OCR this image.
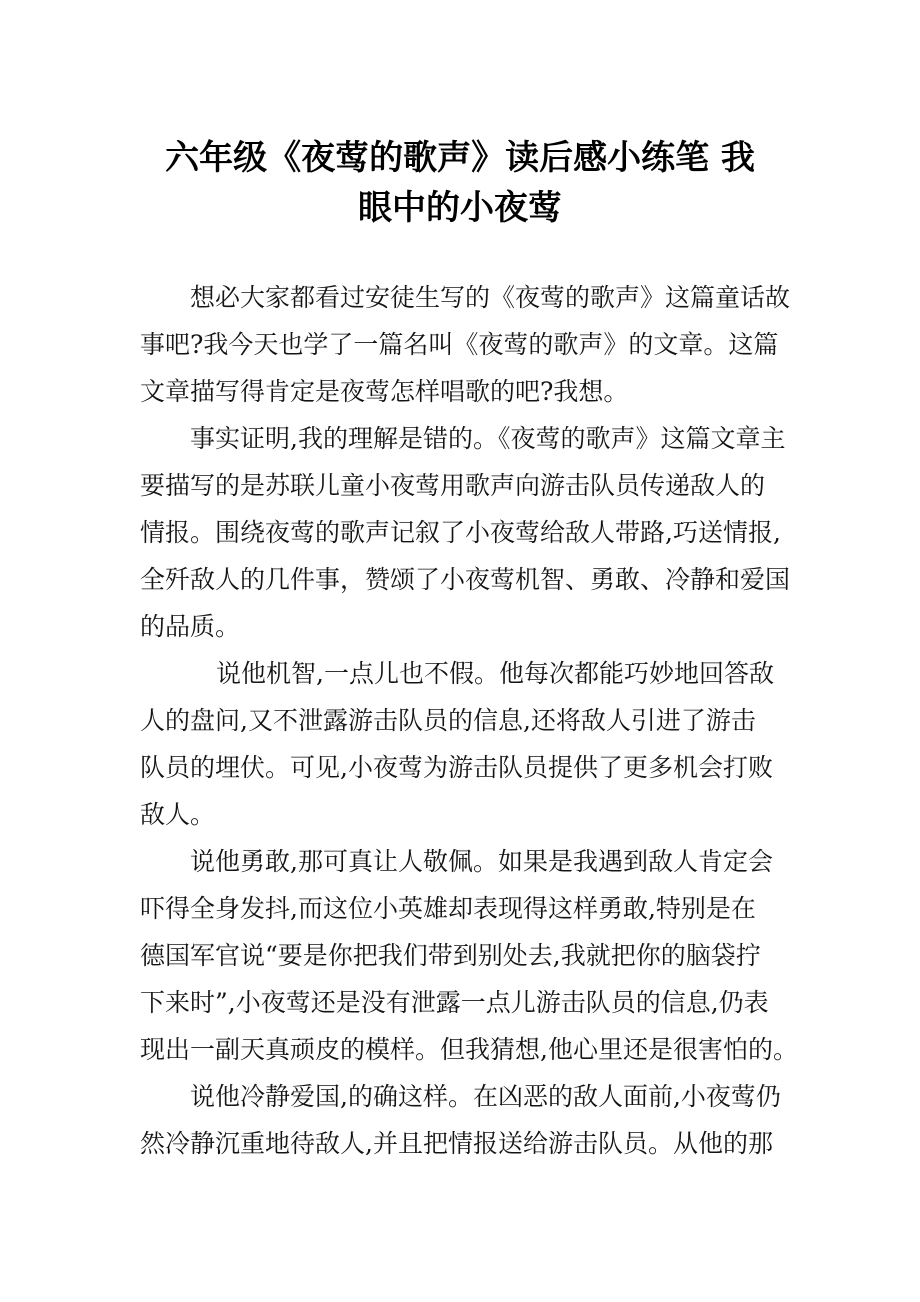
六年级《夜莺的歌声》读后感小练笔 我
眼中的小夜莺

想必大家都看过安徒生写的《夜莺的歌声》这篇童话故
事吧?我今天也学了一篇名叫《夜莺的歌声》的文章。这篇
文章描写得肯定是夜莺怎样唱歌的吧?我想。

事实证明,我的理解是错的。《夜莺的歌声》这篇文章主
要描写的是苏联儿童小夜莺用歌声向游击队员传递敌人的
情报。围绕夜莺的歌声记叙了小夜莺给敌人带路,巧送情报,
全歼敌人的几件事，赞颂了小夜莺机智、勇敢、冷静和爱国
的品质。

说他机智,一点儿也不假。他每次都能巧妙地回答敌
人的盘问,又不泄露游击队员的信息,还将敌人引进了游击
队员的埋伏。可见,小夜莺为游击队员提供了更多机会打败
敌人。

说他勇敢,那可真让人敬佩。如果是我遇到敌人肯定会
吓得全身发抖,而这位小英雄却表现得这样勇敢,特别是在
德国军官说“要是你把我们带到别处去,我就把你的脑袋拧
下来时”,小夜莺还是没有泄露一点儿游击队员的信息,仍表
现出一副天真顽皮的模样。但我猜想,他心里还是很害怕的。

说他冷静爱国,的确这样。在凶恶的敌人面前,小夜莺仍
然冷静沉重地待敌人,并且把情报送给游击队员。从他的那
